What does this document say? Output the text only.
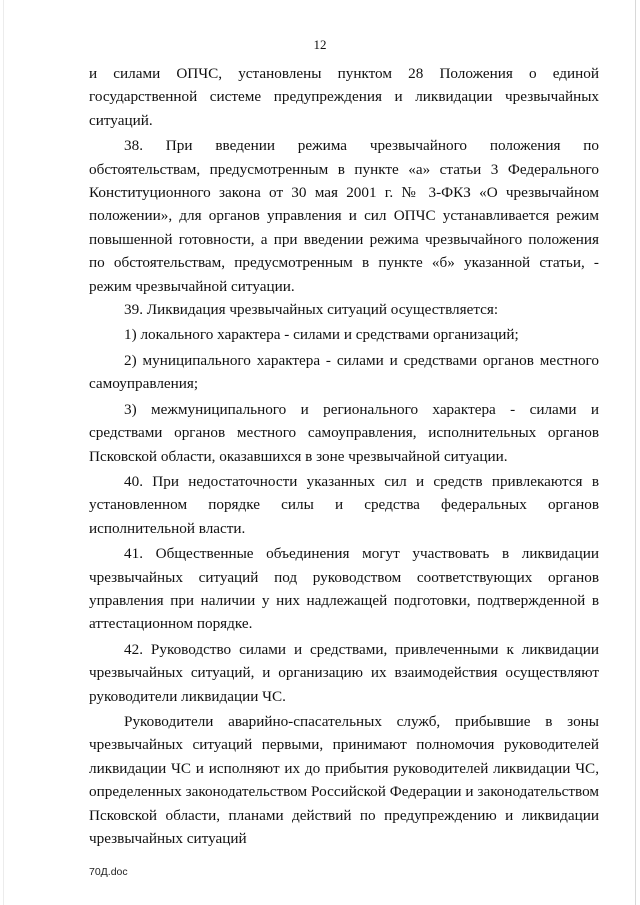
12

и силами ОПЧС, установлены пунктом 28 Положения о единой государственной системе предупреждения и ликвидации чрезвычайных ситуаций.

38. При введении режима чрезвычайного положения по обстоятельствам, предусмотренным в пункте «а» статьи 3 Федерального Конституционного закона от 30 мая 2001 г. № 3-ФКЗ «О чрезвычайном положении», для органов управления и сил ОПЧС устанавливается режим повышенной готовности, а при введении режима чрезвычайного положения по обстоятельствам, предусмотренным в пункте «б» указанной статьи, - режим чрезвычайной ситуации.

39. Ликвидация чрезвычайных ситуаций осуществляется:

1) локального характера - силами и средствами организаций;

2) муниципального характера - силами и средствами органов местного самоуправления;

3) межмуниципального и регионального характера - силами и средствами органов местного самоуправления, исполнительных органов Псковской области, оказавшихся в зоне чрезвычайной ситуации.

40. При недостаточности указанных сил и средств привлекаются в установленном порядке силы и средства федеральных органов исполнительной власти.

41. Общественные объединения могут участвовать в ликвидации чрезвычайных ситуаций под руководством соответствующих органов управления при наличии у них надлежащей подготовки, подтвержденной в аттестационном порядке.

42. Руководство силами и средствами, привлеченными к ликвидации чрезвычайных ситуаций, и организацию их взаимодействия осуществляют руководители ликвидации ЧС.

Руководители аварийно-спасательных служб, прибывшие в зоны чрезвычайных ситуаций первыми, принимают полномочия руководителей ликвидации ЧС и исполняют их до прибытия руководителей ликвидации ЧС, определенных законодательством Российской Федерации и законодательством Псковской области, планами действий по предупреждению и ликвидации чрезвычайных ситуаций

70Д.doc
